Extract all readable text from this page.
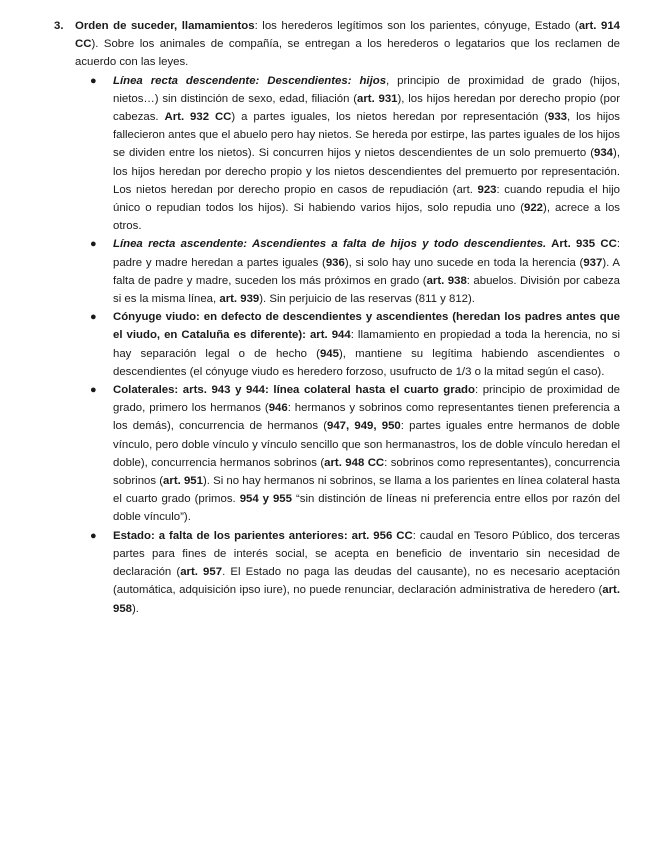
3. Orden de suceder, llamamientos: los herederos legítimos son los parientes, cónyuge, Estado (art. 914 CC). Sobre los animales de compañía, se entregan a los herederos o legatarios que los reclamen de acuerdo con las leyes.
● Línea recta descendente: Descendientes: hijos, principio de proximidad de grado (hijos, nietos…) sin distinción de sexo, edad, filiación (art. 931), los hijos heredan por derecho propio (por cabezas. Art. 932 CC) a partes iguales, los nietos heredan por representación (933, los hijos fallecieron antes que el abuelo pero hay nietos. Se hereda por estirpe, las partes iguales de los hijos se dividen entre los nietos). Si concurren hijos y nietos descendientes de un solo premuerto (934), los hijos heredan por derecho propio y los nietos descendientes del premuerto por representación. Los nietos heredan por derecho propio en casos de repudiación (art. 923: cuando repudia el hijo único o repudian todos los hijos). Si habiendo varios hijos, solo repudia uno (922), acrece a los otros.
● Línea recta ascendente: Ascendientes a falta de hijos y todo descendientes. Art. 935 CC: padre y madre heredan a partes iguales (936), si solo hay uno sucede en toda la herencia (937). A falta de padre y madre, suceden los más próximos en grado (art. 938: abuelos. División por cabeza si es la misma línea, art. 939). Sin perjuicio de las reservas (811 y 812).
● Cónyuge viudo: en defecto de descendientes y ascendientes (heredan los padres antes que el viudo, en Cataluña es diferente): art. 944: llamamiento en propiedad a toda la herencia, no si hay separación legal o de hecho (945), mantiene su legítima habiendo ascendientes o descendientes (el cónyuge viudo es heredero forzoso, usufructo de 1/3 o la mitad según el caso).
● Colaterales: arts. 943 y 944: línea colateral hasta el cuarto grado: principio de proximidad de grado, primero los hermanos (946: hermanos y sobrinos como representantes tienen preferencia a los demás), concurrencia de hermanos (947, 949, 950: partes iguales entre hermanos de doble vínculo, pero doble vínculo y vínculo sencillo que son hermanastros, los de doble vínculo heredan el doble), concurrencia hermanos sobrinos (art. 948 CC: sobrinos como representantes), concurrencia sobrinos (art. 951). Si no hay hermanos ni sobrinos, se llama a los parientes en línea colateral hasta el cuarto grado (primos. 954 y 955 “sin distinción de líneas ni preferencia entre ellos por razón del doble vínculo”).
● Estado: a falta de los parientes anteriores: art. 956 CC: caudal en Tesoro Público, dos terceras partes para fines de interés social, se acepta en beneficio de inventario sin necesidad de declaración (art. 957. El Estado no paga las deudas del causante), no es necesario aceptación (automática, adquisición ipso iure), no puede renunciar, declaración administrativa de heredero (art. 958).
